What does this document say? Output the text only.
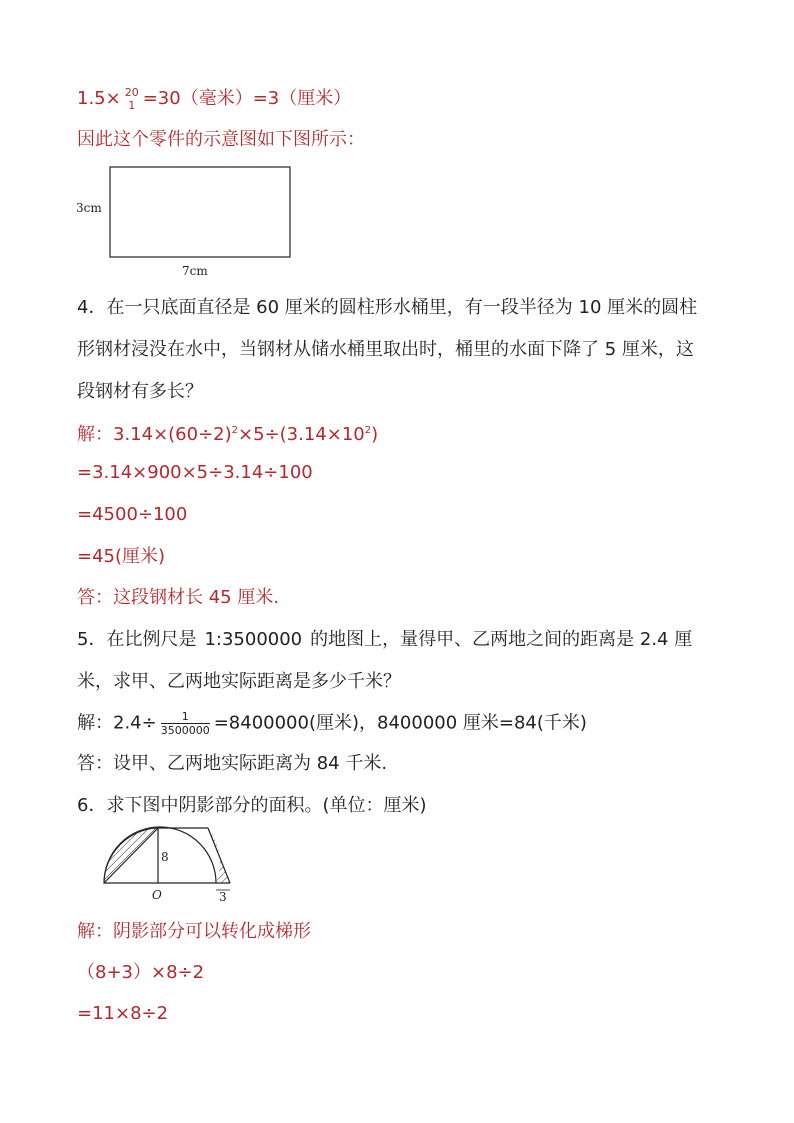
1.5× 20
1 =30（毫米）=3（厘米）
因此这个零件的示意图如下图所示：
3cm
7cm
4．在一只底面直径是 60 厘米的圆柱形水桶里，有一段半径为 10 厘米的圆柱
形钢材浸没在水中，当钢材从储水桶里取出时，桶里的水面下降了 5 厘米，这
段钢材有多长？
解：$3.14\times(60\div 2)^2\times 5\div(3.14\times 10^2)$
=3.14×900×5÷3.14÷100
=4500÷100
=45(厘米)
答：这段钢材长 45 厘米.
5．在比例尺是 1:3500000 的地图上，量得甲、乙两地之间的距离是 2.4 厘
米，求甲、乙两地实际距离是多少千米？
解：$2.4\div \frac{1}{3500000} =8400000$(厘米)，8400000 厘米=84(千米)
答：设甲、乙两地实际距离为 84 千米.
6．求下图中阴影部分的面积。(单位：厘米)
8
O	3
解：阴影部分可以转化成梯形
（8+3）×8÷2
=11×8÷2
